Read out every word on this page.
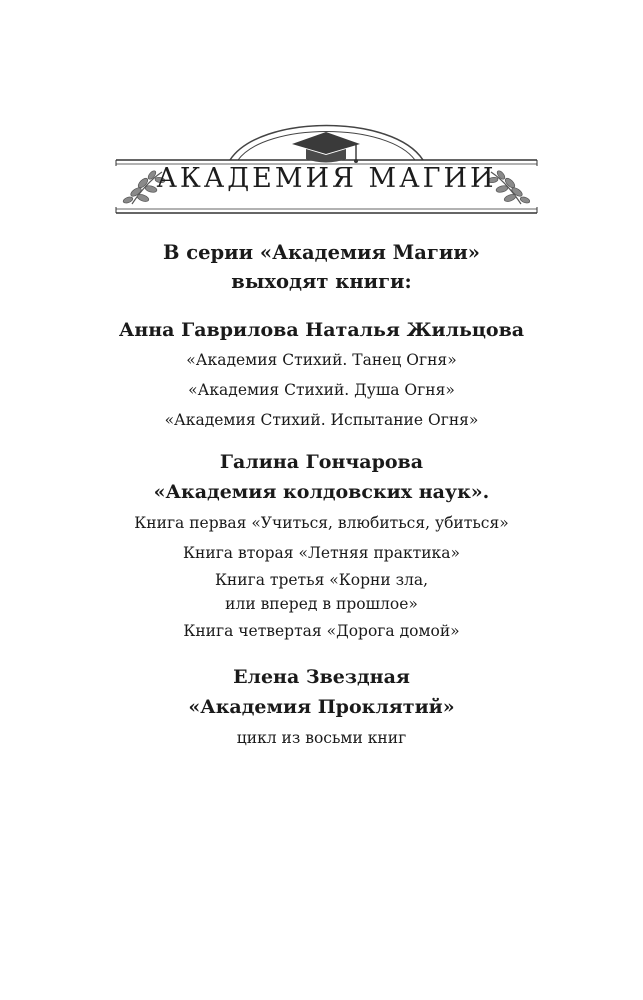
АКАДЕМИЯ МАГИИ
В серии «Академия Магии»
выходят книги:
Анна Гаврилова Наталья Жильцова
«Академия Стихий. Танец Огня»
«Академия Стихий. Душа Огня»
«Академия Стихий. Испытание Огня»
Галина Гончарова
«Академия колдовских наук».
Книга первая «Учиться, влюбиться, убиться»
Книга вторая «Летняя практика»
Книга третья «Корни зла,
или вперед в прошлое»
Книга четвертая «Дорога домой»
Елена Звездная
«Академия Проклятий»
цикл из восьми книг
